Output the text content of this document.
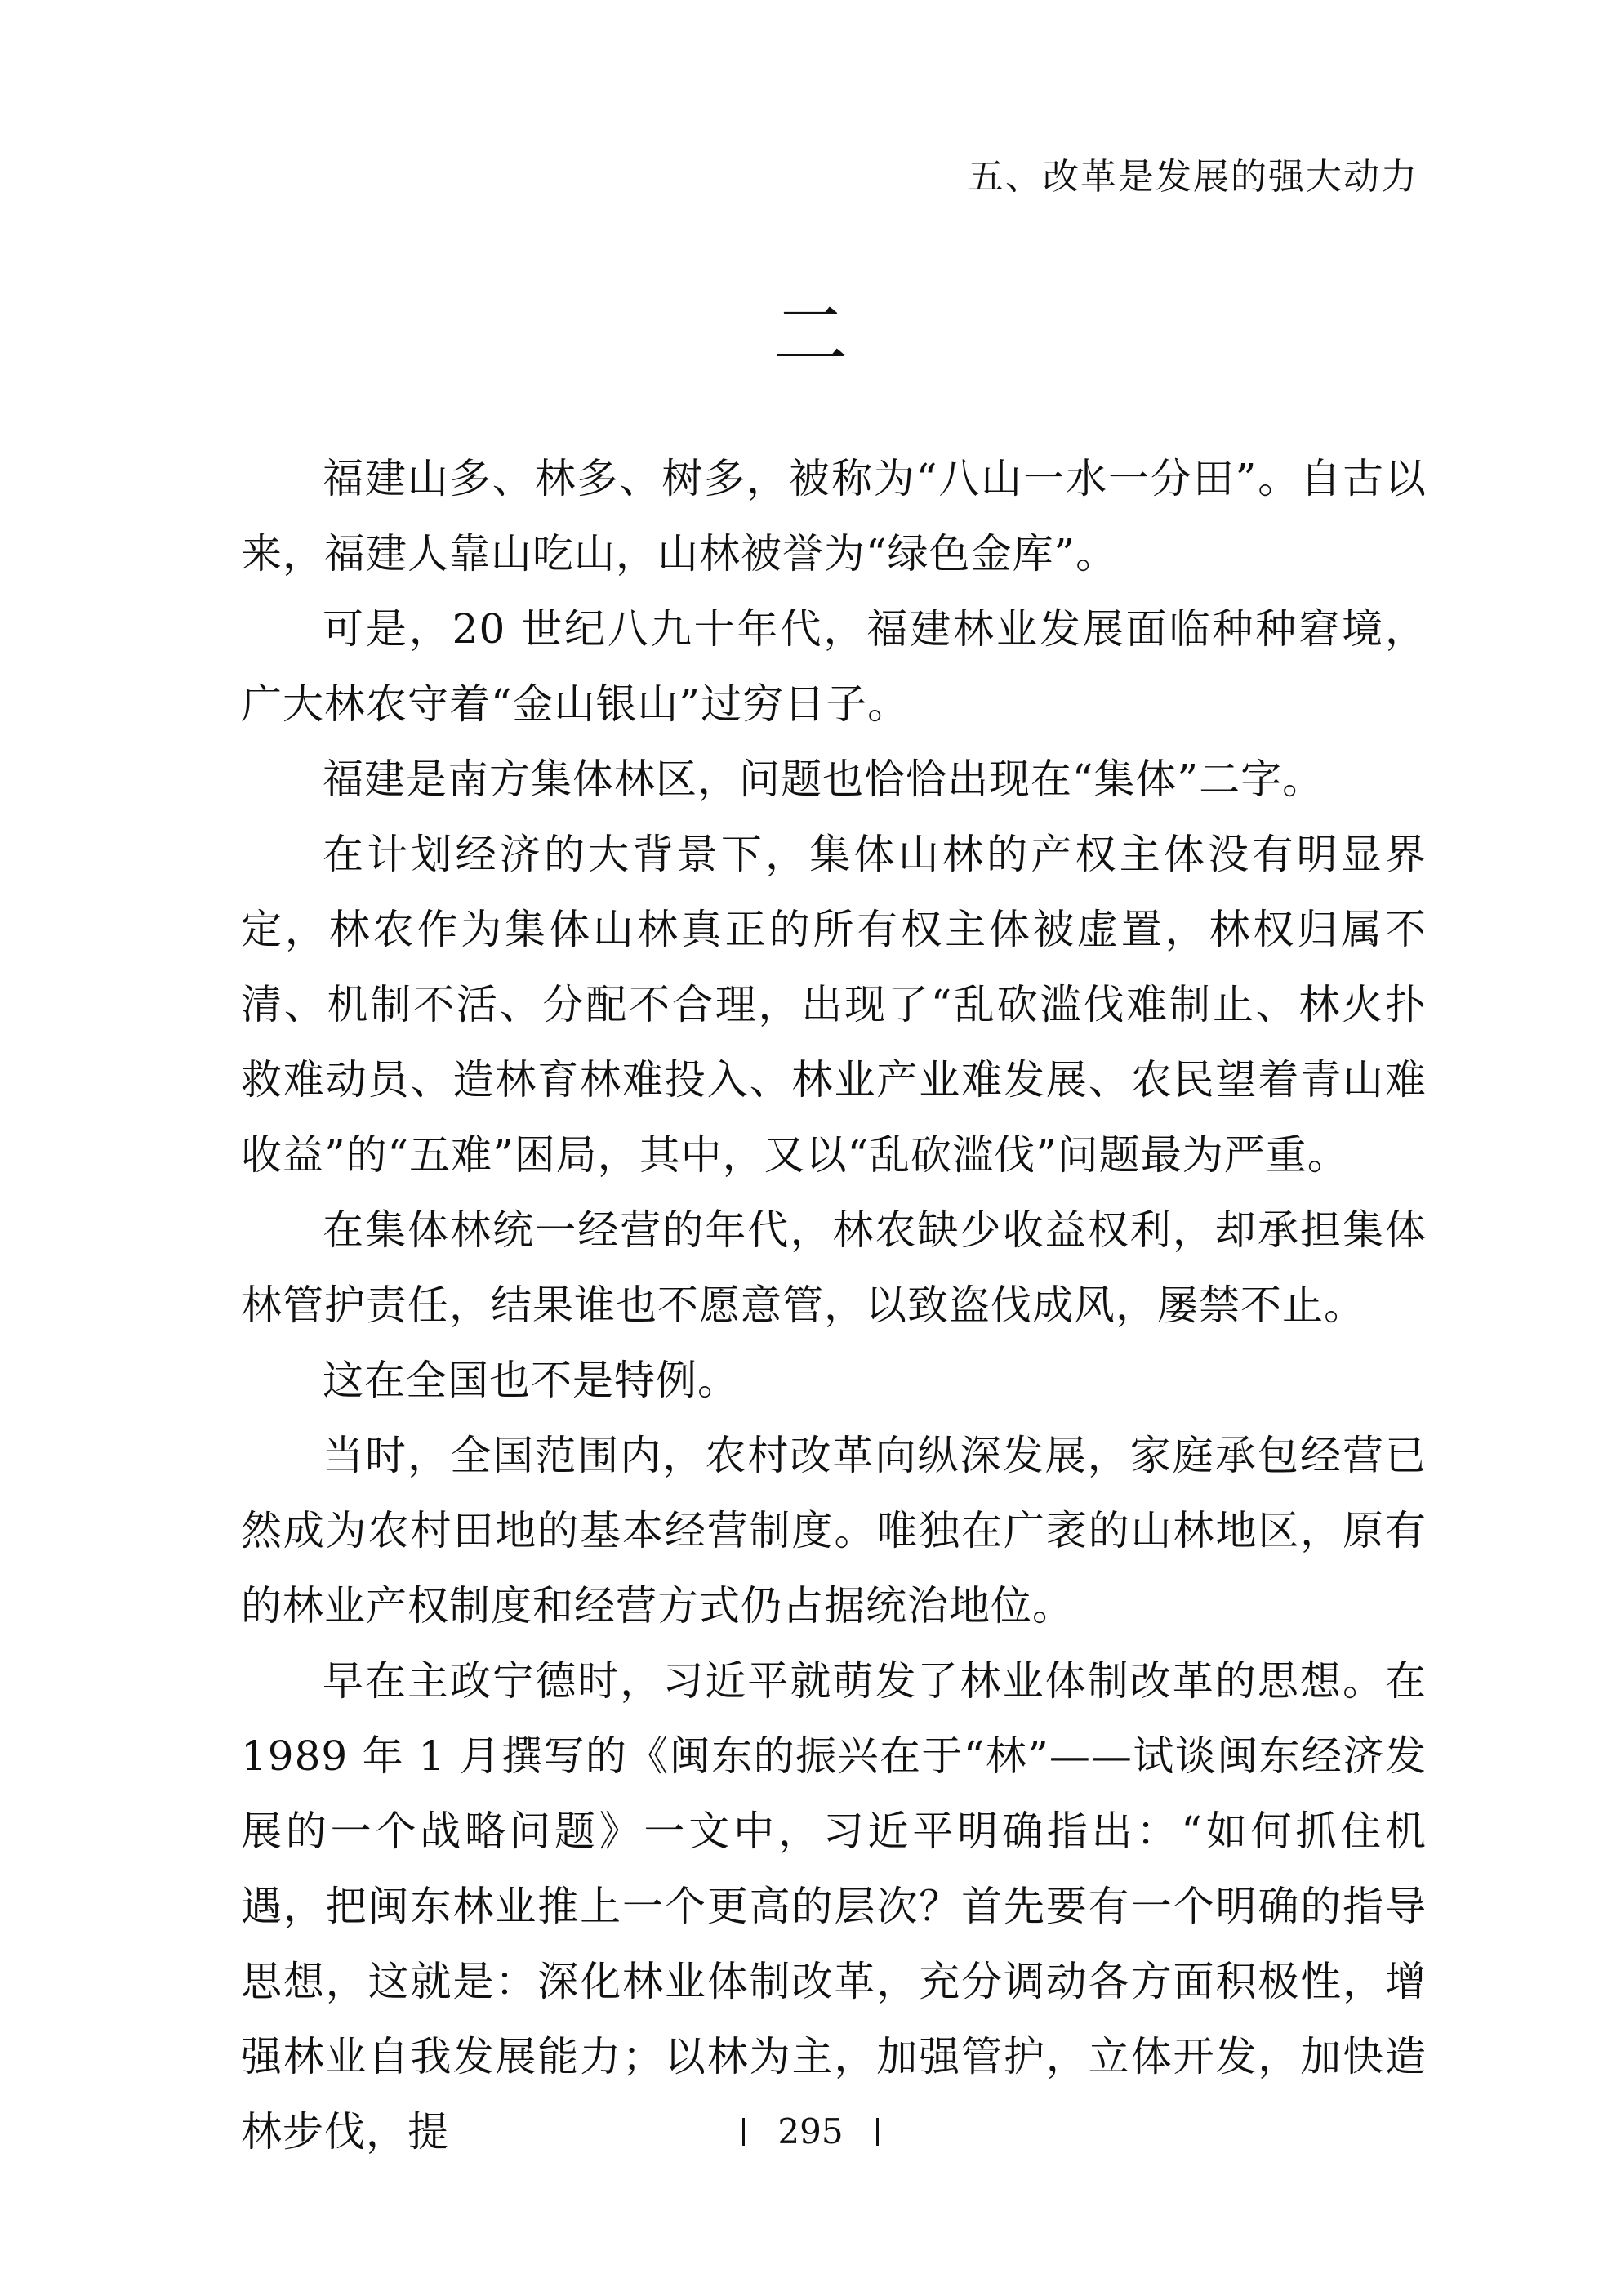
五、改革是发展的强大动力
二

福建山多、林多、树多，被称为“八山一水一分田”。自古以来，福建人靠山吃山，山林被誉为“绿色金库”。

可是，20 世纪八九十年代，福建林业发展面临种种窘境，广大林农守着“金山银山”过穷日子。

福建是南方集体林区，问题也恰恰出现在“集体”二字。

在计划经济的大背景下，集体山林的产权主体没有明显界定，林农作为集体山林真正的所有权主体被虚置，林权归属不清、机制不活、分配不合理，出现了“乱砍滥伐难制止、林火扑救难动员、造林育林难投入、林业产业难发展、农民望着青山难收益”的“五难”困局，其中，又以“乱砍滥伐”问题最为严重。

在集体林统一经营的年代，林农缺少收益权利，却承担集体林管护责任，结果谁也不愿意管，以致盗伐成风，屡禁不止。

这在全国也不是特例。

当时，全国范围内，农村改革向纵深发展，家庭承包经营已然成为农村田地的基本经营制度。唯独在广袤的山林地区，原有的林业产权制度和经营方式仍占据统治地位。

早在主政宁德时，习近平就萌发了林业体制改革的思想。在 1989 年 1 月撰写的《闽东的振兴在于“林”——试谈闽东经济发展的一个战略问题》一文中，习近平明确指出：“如何抓住机遇，把闽东林业推上一个更高的层次？首先要有一个明确的指导思想，这就是：深化林业体制改革，充分调动各方面积极性，增强林业自我发展能力；以林为主，加强管护，立体开发，加快造林步伐，提	295
